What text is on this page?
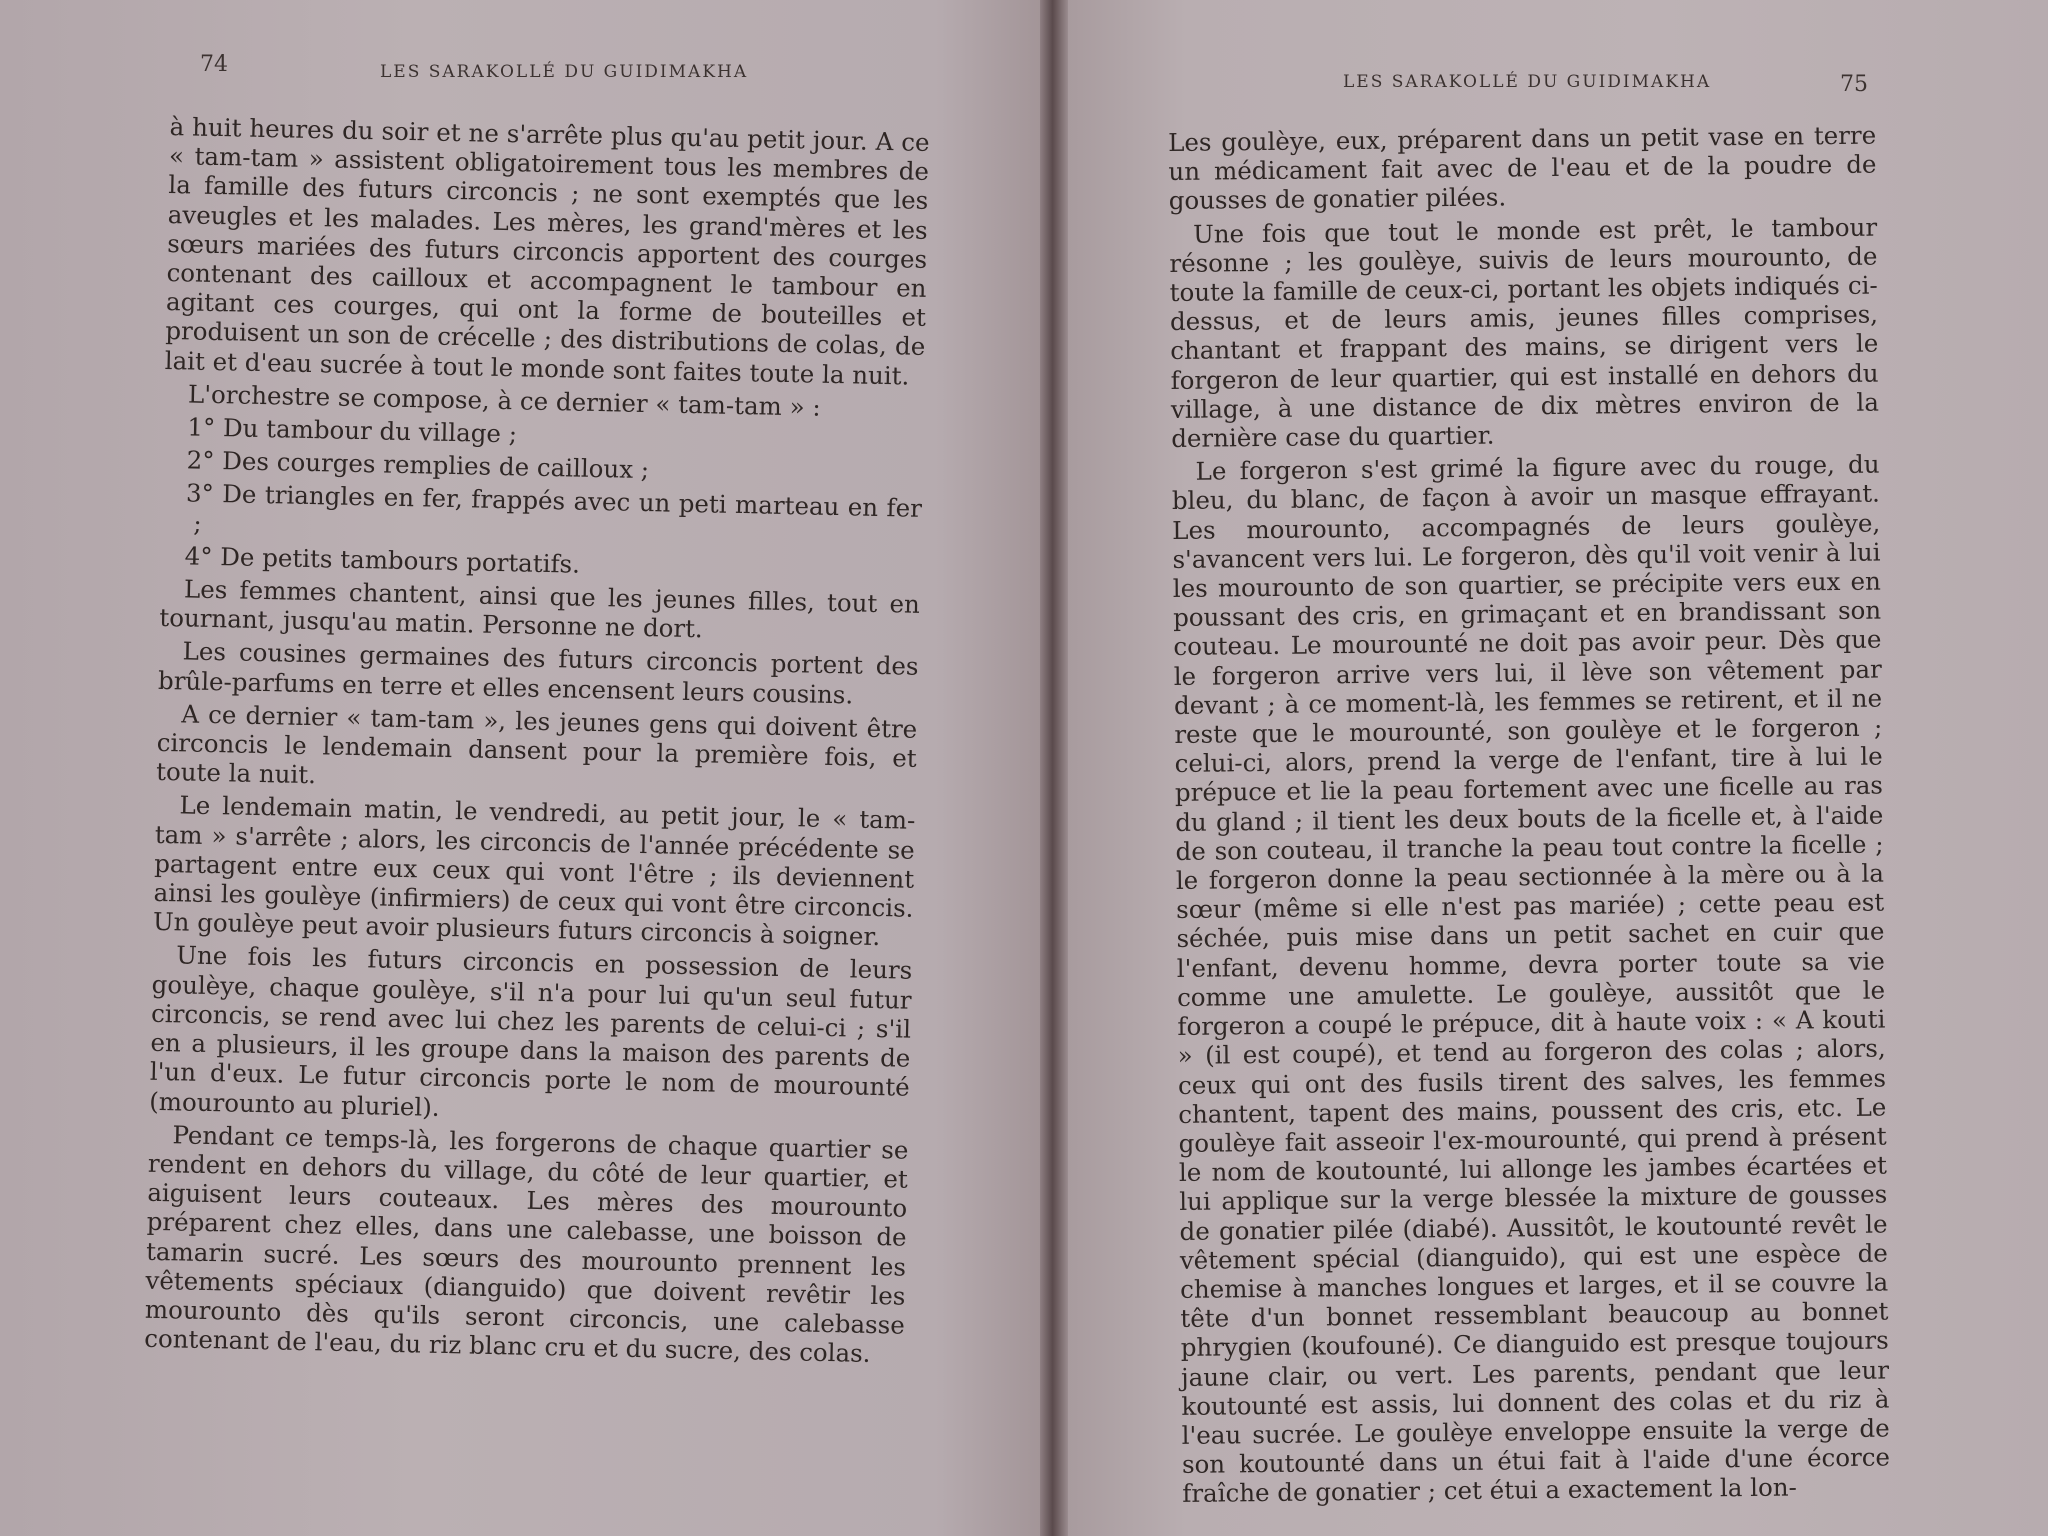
74	LES SARAKOLLÉ DU GUIDIMAKHA

à huit heures du soir et ne s'arrête plus qu'au petit jour. A ce « tam-tam » assistent obligatoirement tous les membres de la famille des futurs circoncis ; ne sont exemptés que les aveugles et les malades. Les mères, les grand'mères et les sœurs mariées des futurs circoncis apportent des courges contenant des cailloux et accompagnent le tambour en agitant ces courges, qui ont la forme de bouteilles et produisent un son de crécelle ; des distributions de colas, de lait et d'eau sucrée à tout le monde sont faites toute la nuit.

L'orchestre se compose, à ce dernier « tam-tam » :

1° Du tambour du village ;

2° Des courges remplies de cailloux ;

3° De triangles en fer, frappés avec un peti marteau en fer ;

4° De petits tambours portatifs.

Les femmes chantent, ainsi que les jeunes filles, tout en tournant, jusqu'au matin. Personne ne dort.

Les cousines germaines des futurs circoncis portent des brûle-parfums en terre et elles encensent leurs cousins.

A ce dernier « tam-tam », les jeunes gens qui doivent être circoncis le lendemain dansent pour la première fois, et toute la nuit.

Le lendemain matin, le vendredi, au petit jour, le « tam-tam » s'arrête ; alors, les circoncis de l'année précédente se partagent entre eux ceux qui vont l'être ; ils deviennent ainsi les goulèye (infirmiers) de ceux qui vont être circoncis. Un goulèye peut avoir plusieurs futurs circoncis à soigner.

Une fois les futurs circoncis en possession de leurs goulèye, chaque goulèye, s'il n'a pour lui qu'un seul futur circoncis, se rend avec lui chez les parents de celui-ci ; s'il en a plusieurs, il les groupe dans la maison des parents de l'un d'eux. Le futur circoncis porte le nom de mourounté (mourounto au pluriel).

Pendant ce temps-là, les forgerons de chaque quartier se rendent en dehors du village, du côté de leur quartier, et aiguisent leurs couteaux. Les mères des mourounto préparent chez elles, dans une calebasse, une boisson de tamarin sucré. Les sœurs des mourounto prennent les vêtements spéciaux (dianguido) que doivent revêtir les mourounto dès qu'ils seront circoncis, une calebasse contenant de l'eau, du riz blanc cru et du sucre, des colas.

LES SARAKOLLÉ DU GUIDIMAKHA	75

Les goulèye, eux, préparent dans un petit vase en terre un médicament fait avec de l'eau et de la poudre de gousses de gonatier pilées.

Une fois que tout le monde est prêt, le tambour résonne ; les goulèye, suivis de leurs mourounto, de toute la famille de ceux-ci, portant les objets indiqués ci-dessus, et de leurs amis, jeunes filles comprises, chantant et frappant des mains, se dirigent vers le forgeron de leur quartier, qui est installé en dehors du village, à une distance de dix mètres environ de la dernière case du quartier.

Le forgeron s'est grimé la figure avec du rouge, du bleu, du blanc, de façon à avoir un masque effrayant. Les mourounto, accompagnés de leurs goulèye, s'avancent vers lui. Le forgeron, dès qu'il voit venir à lui les mourounto de son quartier, se précipite vers eux en poussant des cris, en grimaçant et en brandissant son couteau. Le mourounté ne doit pas avoir peur. Dès que le forgeron arrive vers lui, il lève son vêtement par devant ; à ce moment-là, les femmes se retirent, et il ne reste que le mourounté, son goulèye et le forgeron ; celui-ci, alors, prend la verge de l'enfant, tire à lui le prépuce et lie la peau fortement avec une ficelle au ras du gland ; il tient les deux bouts de la ficelle et, à l'aide de son couteau, il tranche la peau tout contre la ficelle ; le forgeron donne la peau sectionnée à la mère ou à la sœur (même si elle n'est pas mariée) ; cette peau est séchée, puis mise dans un petit sachet en cuir que l'enfant, devenu homme, devra porter toute sa vie comme une amulette. Le goulèye, aussitôt que le forgeron a coupé le prépuce, dit à haute voix : « A kouti » (il est coupé), et tend au forgeron des colas ; alors, ceux qui ont des fusils tirent des salves, les femmes chantent, tapent des mains, poussent des cris, etc. Le goulèye fait asseoir l'ex-mourounté, qui prend à présent le nom de koutounté, lui allonge les jambes écartées et lui applique sur la verge blessée la mixture de gousses de gonatier pilée (diabé). Aussitôt, le koutounté revêt le vêtement spécial (dianguido), qui est une espèce de chemise à manches longues et larges, et il se couvre la tête d'un bonnet ressemblant beaucoup au bonnet phrygien (koufouné). Ce dianguido est presque toujours jaune clair, ou vert. Les parents, pendant que leur koutounté est assis, lui donnent des colas et du riz à l'eau sucrée. Le goulèye enveloppe ensuite la verge de son koutounté dans un étui fait à l'aide d'une écorce fraîche de gonatier ; cet étui a exactement la lon-
